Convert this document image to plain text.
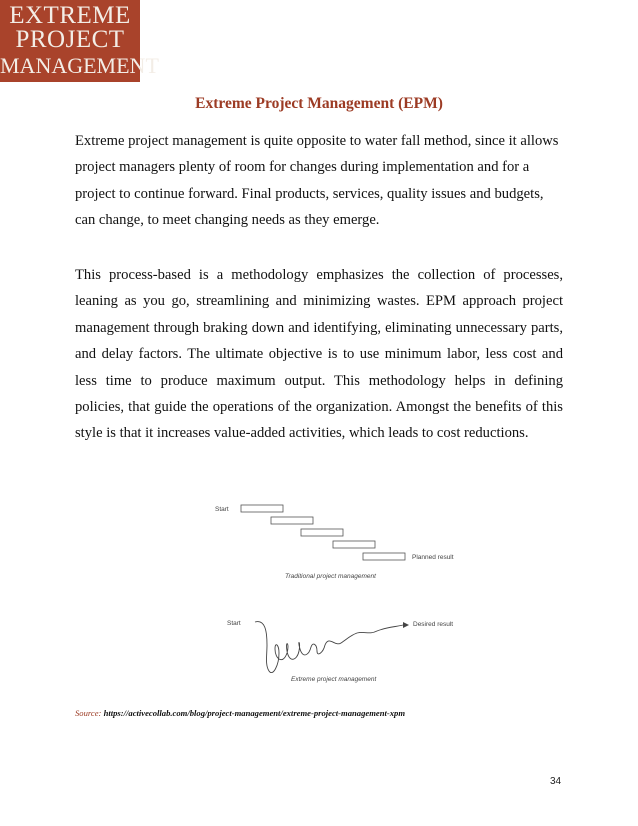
EXTREME
PROJECT
MANAGEMENT
Extreme Project Management (EPM)
Extreme project management is quite opposite to water fall method, since it allows project managers plenty of room for changes during implementation and for a project to continue forward. Final products, services, quality issues and budgets, can change, to meet changing needs as they emerge.
This process-based is a methodology emphasizes the collection of processes, leaning as you go, streamlining and minimizing wastes. EPM approach project management through braking down and identifying, eliminating unnecessary parts, and delay factors. The ultimate objective is to use minimum labor, less cost and less time to produce maximum output. This methodology helps in defining policies, that guide the operations of the organization. Amongst the benefits of this style is that it increases value-added activities, which leads to cost reductions.
Start
Planned result
Traditional project management
Start	Desired result
Extreme project management
Source: https://activecollab.com/blog/project-management/extreme-project-management-xpm
34
